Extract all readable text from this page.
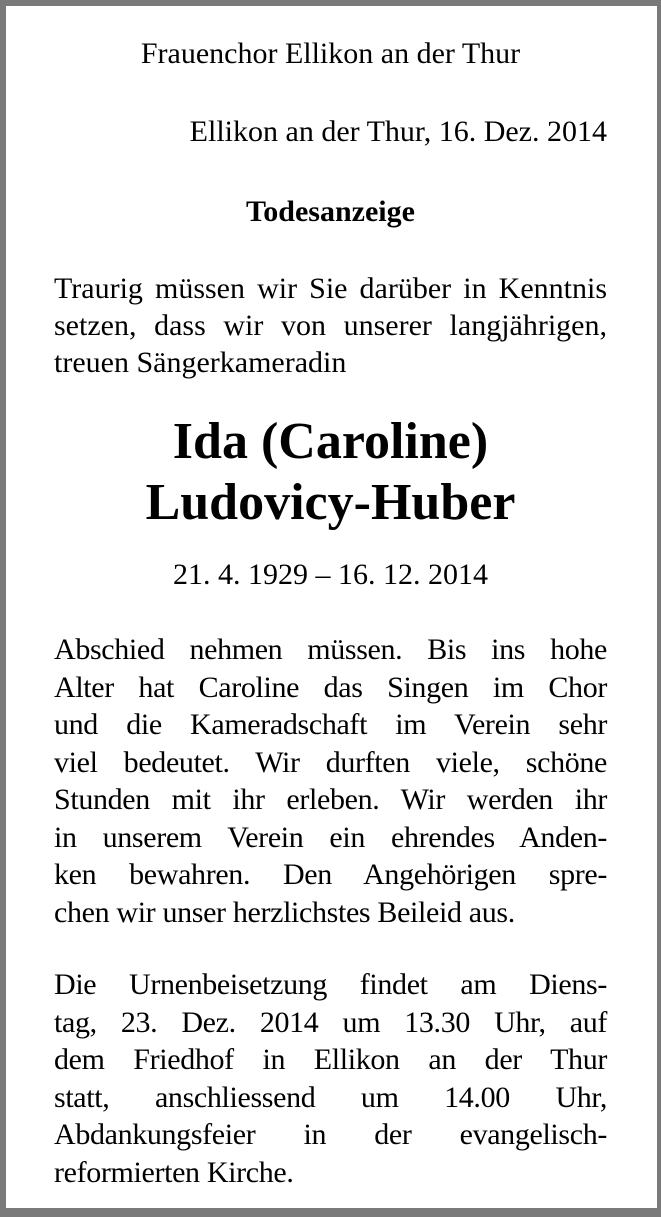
Frauenchor Ellikon an der Thur

Ellikon an der Thur, 16. Dez. 2014

Todesanzeige

Traurig müssen wir Sie darüber in Kenntnis setzen, dass wir von unserer langjährigen, treuen Sängerkameradin

Ida (Caroline)
Ludovicy-Huber

21. 4. 1929 – 16. 12. 2014

Abschied nehmen müssen. Bis ins hohe
Alter hat Caroline das Singen im Chor
und die Kameradschaft im Verein sehr
viel bedeutet. Wir durften viele, schöne
Stunden mit ihr erleben. Wir werden ihr
in unserem Verein ein ehrendes Anden-
ken bewahren. Den Angehörigen spre-
chen wir unser herzlichstes Beileid aus.
Die Urnenbeisetzung findet am Diens-
tag, 23. Dez. 2014 um 13.30 Uhr, auf
dem Friedhof in Ellikon an der Thur
statt, anschliessend um 14.00 Uhr,
Abdankungsfeier in der evangelisch-
reformierten Kirche.
